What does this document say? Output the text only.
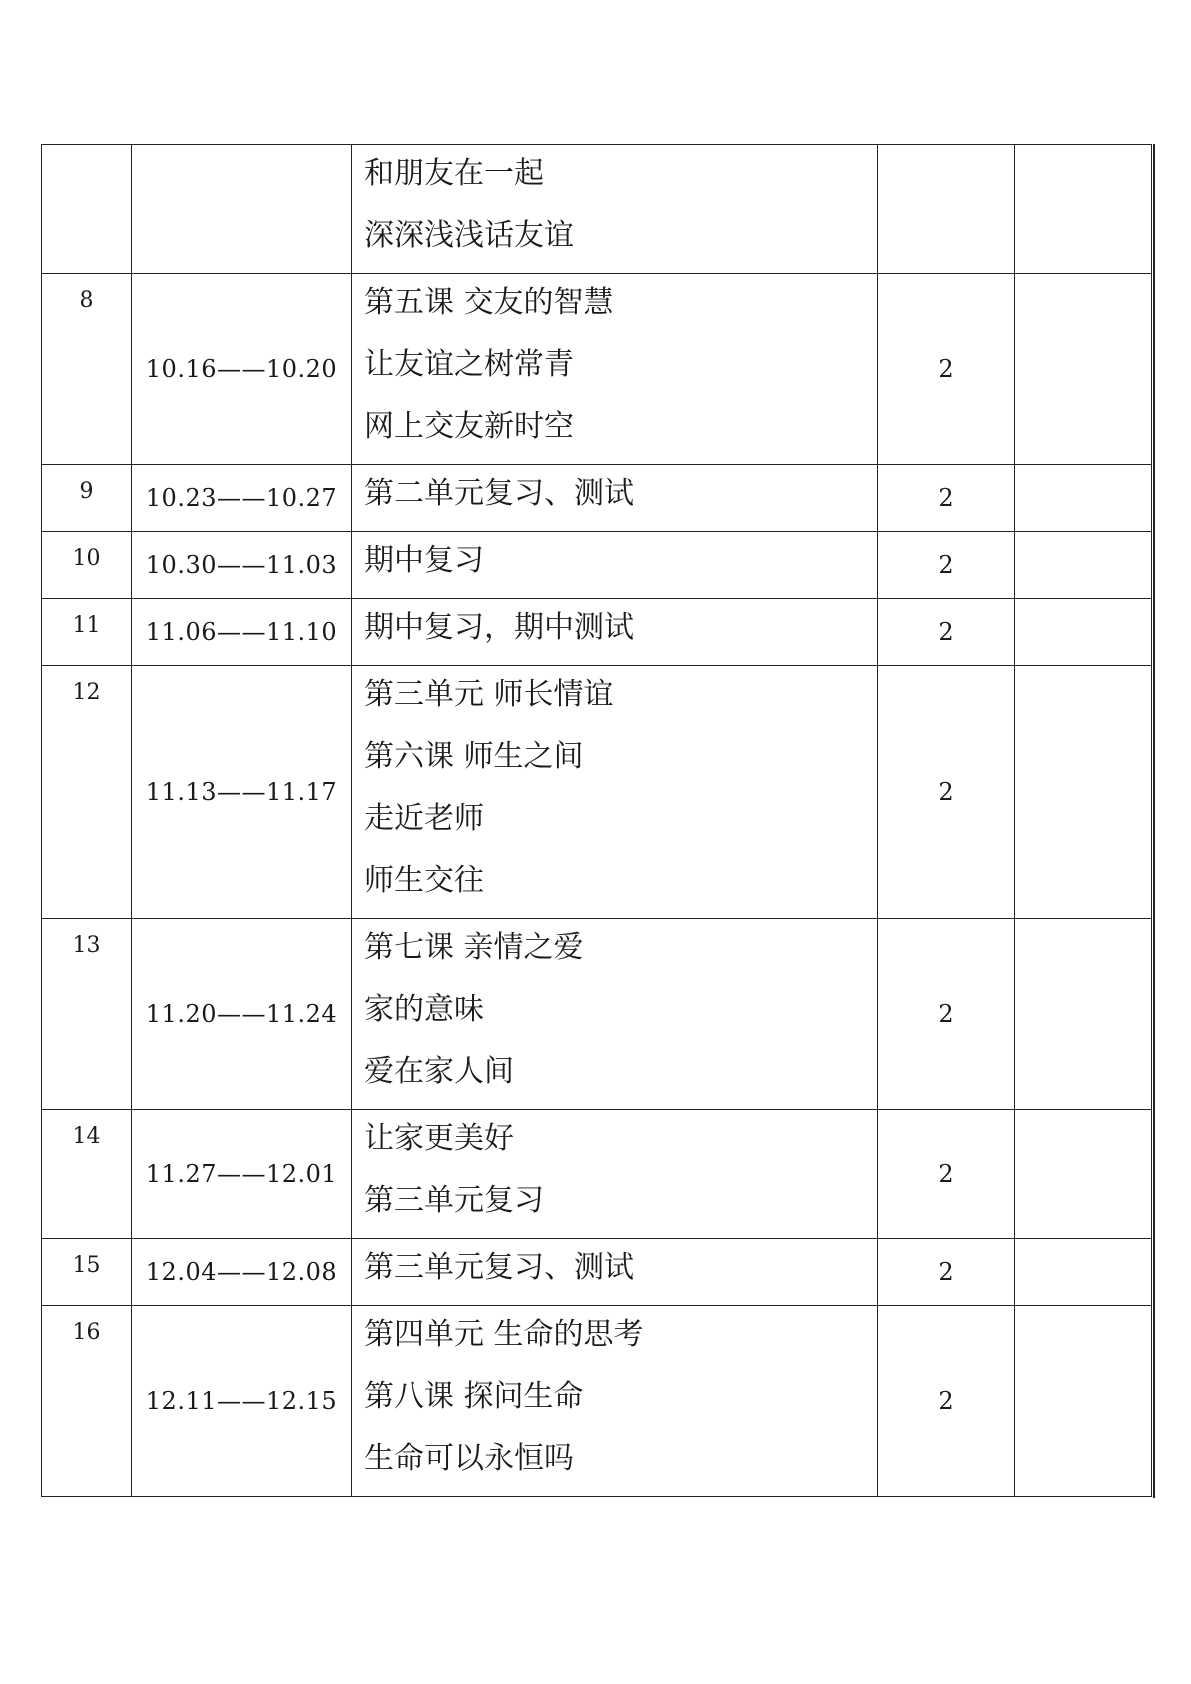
		和朋友在一起
深深浅浅话友谊		

8	10.16——10.20	第五课 交友的智慧
让友谊之树常青
网上交友新时空	2	
9	10.23——10.27	第二单元复习、测试	2	
10	10.30——11.03	期中复习	2	
11	11.06——11.10	期中复习，期中测试	2	
12	11.13——11.17	第三单元 师长情谊
第六课 师生之间
走近老师
师生交往	2	
13	11.20——11.24	第七课 亲情之爱
家的意味
爱在家人间	2	
14	11.27——12.01	让家更美好
第三单元复习	2	
15	12.04——12.08	第三单元复习、测试	2	
16	12.11——12.15	第四单元 生命的思考
第八课 探问生命
生命可以永恒吗	2	
